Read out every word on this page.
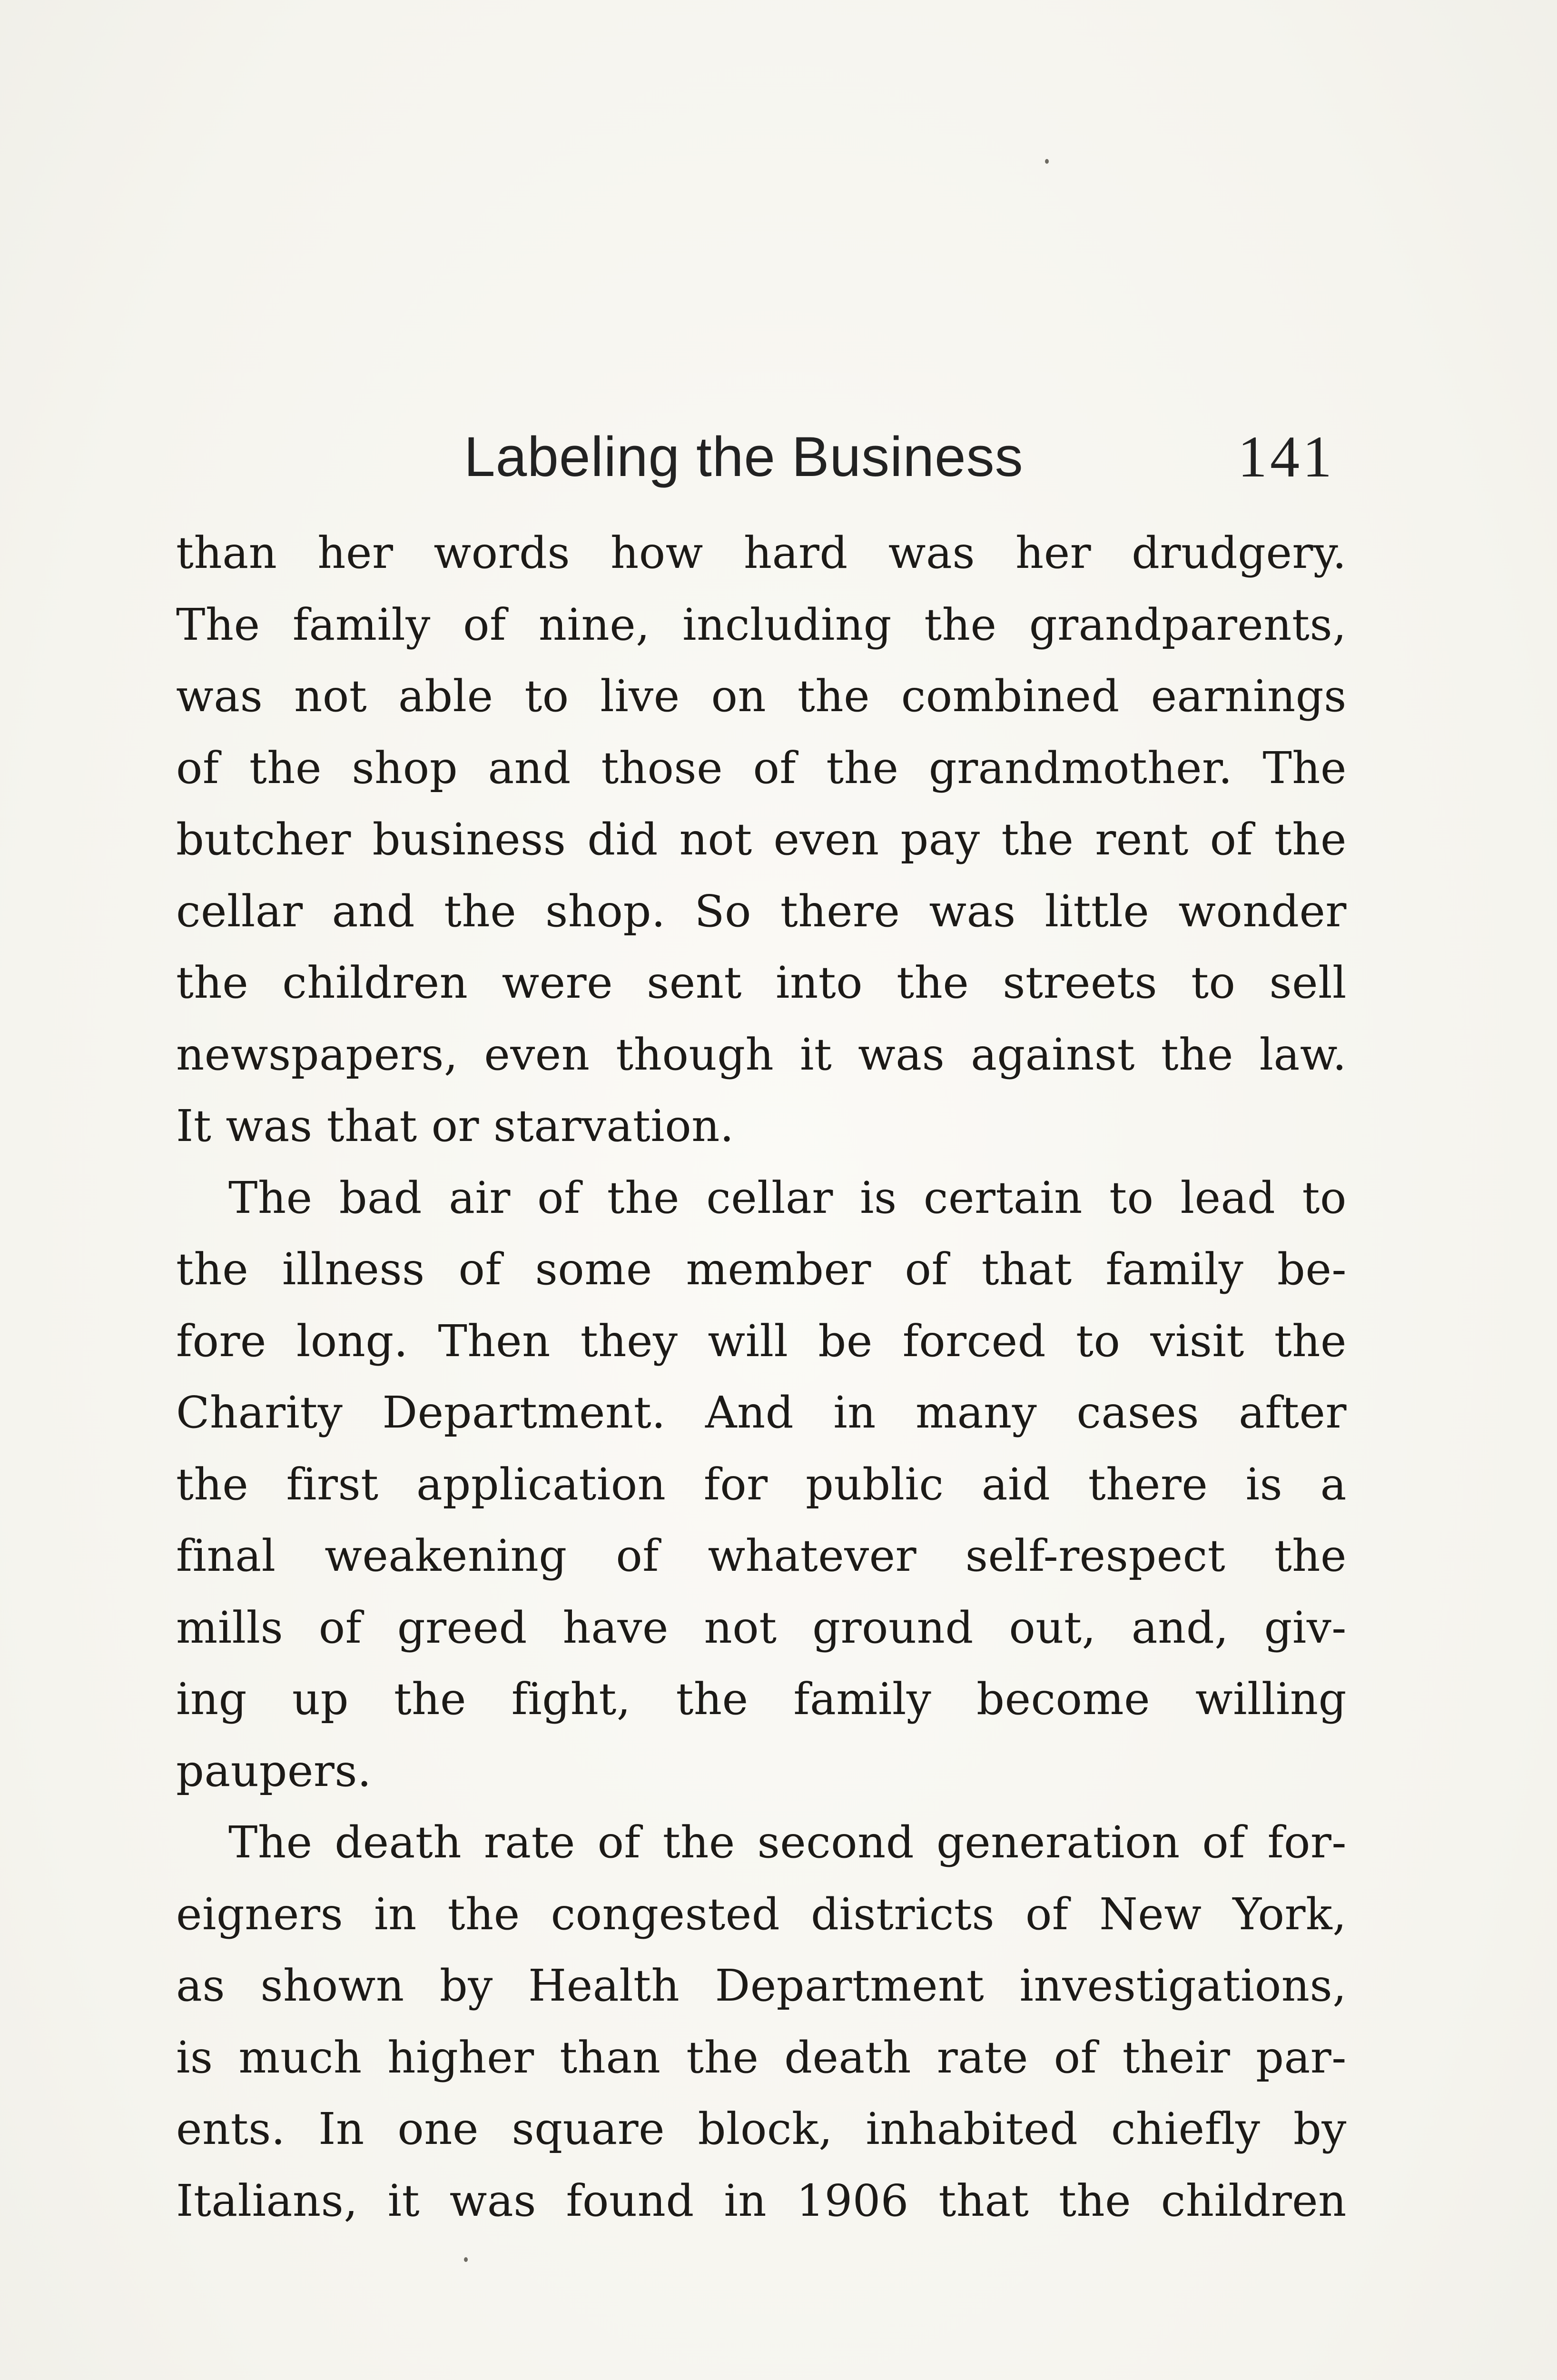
Labeling the Business	141
than her words how hard was her drudgery.
The family of nine, including the grandparents,
was not able to live on the combined earnings
of the shop and those of the grandmother. The
butcher business did not even pay the rent of the
cellar and the shop. So there was little wonder
the children were sent into the streets to sell
newspapers, even though it was against the law.
It was that or starvation.
The bad air of the cellar is certain to lead to
the illness of some member of that family be-
fore long. Then they will be forced to visit the
Charity Department. And in many cases after
the first application for public aid there is a
final weakening of whatever self-respect the
mills of greed have not ground out, and, giv-
ing up the fight, the family become willing
paupers.
The death rate of the second generation of for-
eigners in the congested districts of New York,
as shown by Health Department investigations,
is much higher than the death rate of their par-
ents. In one square block, inhabited chiefly by
Italians, it was found in 1906 that the children
